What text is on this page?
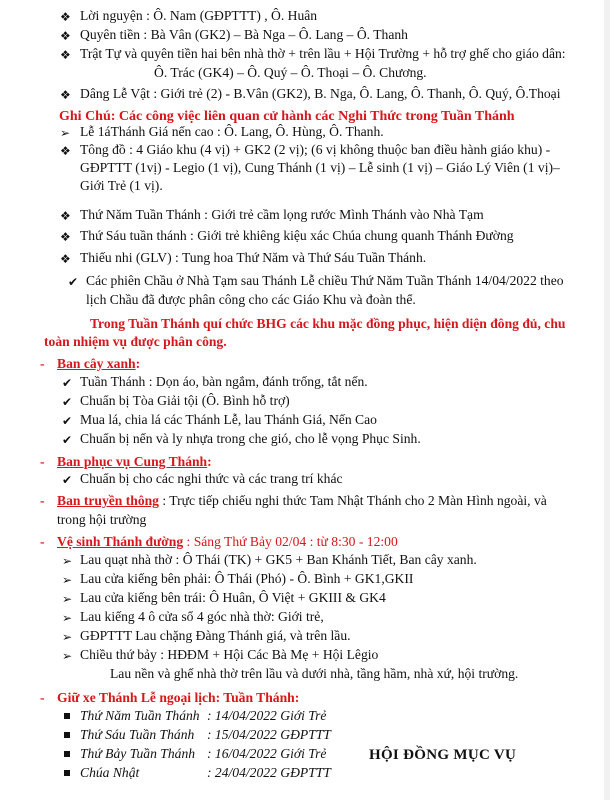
❖ Lời nguyện : Ô. Nam (GĐPTTT) , Ô. Huân
❖ Quyên tiền : Bà Vân (GK2) – Bà Nga – Ô. Lang – Ô. Thanh
❖ Trật Tự và quyên tiền hai bên nhà thờ + trên lầu + Hội Trường + hỗ trợ ghế cho giáo dân:
Ô. Trác (GK4) – Ô. Quý – Ô. Thoại – Ô. Chương.
❖ Dâng Lễ Vật : Giới trẻ (2) - B.Vân (GK2), B. Nga, Ô. Lang, Ô. Thanh, Ô. Quý, Ô.Thoại
Ghi Chú: Các công việc liên quan cử hành các Nghi Thức trong Tuần Thánh
➢ Lễ 1áThánh Giá nến cao : Ô. Lang, Ô. Hùng, Ô. Thanh.
❖ Tông đồ : 4 Giáo khu (4 vị) + GK2 (2 vị); (6 vị không thuộc ban điều hành giáo khu) -
GĐPTTT (1vị) - Legio (1 vị), Cung Thánh (1 vị) – Lễ sinh (1 vị) – Giáo Lý Viên (1 vị)–
Giới Trẻ (1 vị).
❖ Thứ Năm Tuần Thánh : Giới trẻ cầm lọng rước Mình Thánh vào Nhà Tạm
❖ Thứ Sáu tuần thánh : Giới trẻ khiêng kiệu xác Chúa chung quanh Thánh Đường
❖ Thiếu nhi (GLV) : Tung hoa Thứ Năm và Thứ Sáu Tuần Thánh.
✔ Các phiên Chầu ở Nhà Tạm sau Thánh Lễ chiều Thứ Năm Tuần Thánh 14/04/2022 theo
lịch Chầu đã được phân công cho các Giáo Khu và đoàn thể.
Trong Tuần Thánh quí chức BHG các khu mặc đồng phục, hiện diện đông đủ, chu
toàn nhiệm vụ được phân công.
- Ban cây xanh:
✔ Tuần Thánh : Dọn áo, bàn ngắm, đánh trống, tắt nến.
✔ Chuẩn bị Tòa Giải tội (Ô. Bình hỗ trợ)
✔ Mua lá, chia lá các Thánh Lễ, lau Thánh Giá, Nến Cao
✔ Chuẩn bị nến và ly nhựa trong che gió, cho lễ vọng Phục Sinh.
- Ban phục vụ Cung Thánh:
✔ Chuẩn bị cho các nghi thức và các trang trí khác
- Ban truyền thông : Trực tiếp chiếu nghi thức Tam Nhật Thánh cho 2 Màn Hình ngoài, và
trong hội trường
- Vệ sinh Thánh đường : Sáng Thứ Bảy 02/04 : từ 8:30 - 12:00
➢ Lau quạt nhà thờ : Ô Thái (TK) + GK5 + Ban Khánh Tiết, Ban cây xanh.
➢ Lau cửa kiếng bên phải: Ô Thái (Phó) - Ô. Bình + GK1,GKII
➢ Lau cửa kiếng bên trái: Ô Huân, Ô Việt + GKIII & GK4
➢ Lau kiếng 4 ô cửa sổ 4 góc nhà thờ: Giới trẻ,
➢ GĐPTTT Lau chặng Đàng Thánh giá, và trên lầu.
➢ Chiều thứ bảy : HĐĐM + Hội Các Bà Mẹ + Hội Lêgio
Lau nền và ghế nhà thờ trên lầu và dưới nhà, tầng hầm, nhà xứ, hội trường.
- Giữ xe Thánh Lễ ngoại lịch: Tuần Thánh:
Thứ Năm Tuần Thánh : 14/04/2022 Giới Trẻ
Thứ Sáu Tuần Thánh : 15/04/2022 GĐPTTT
Thứ Bảy Tuần Thánh : 16/04/2022 Giới Trẻ
Chúa Nhật	: 24/04/2022 GĐPTTT
HỘI ĐỒNG MỤC VỤ
